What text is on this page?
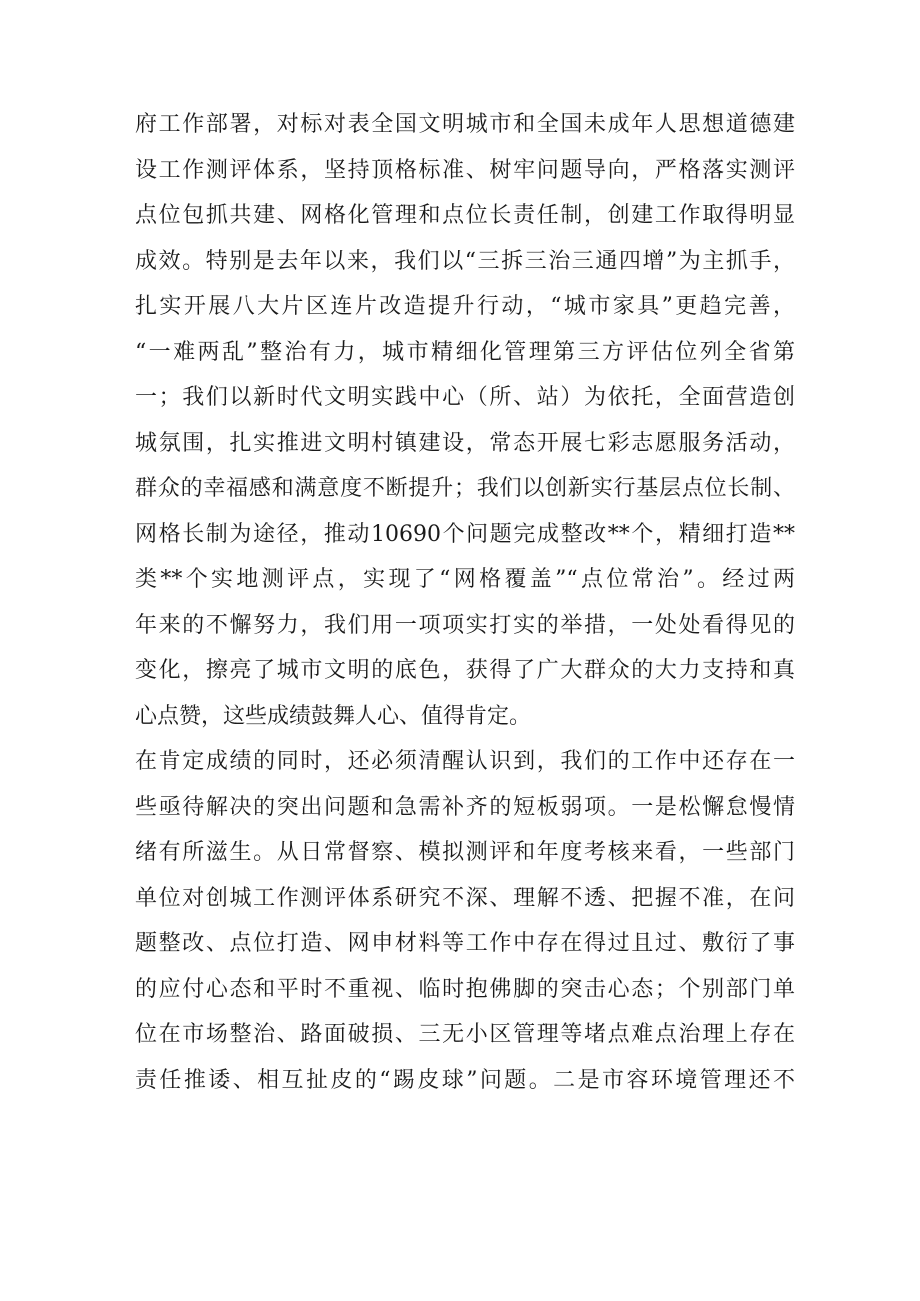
府工作部署，对标对表全国文明城市和全国未成年人思想道德建
设工作测评体系，坚持顶格标准、树牢问题导向，严格落实测评
点位包抓共建、网格化管理和点位长责任制，创建工作取得明显
成效。特别是去年以来，我们以“三拆三治三通四增”为主抓手，
扎实开展八大片区连片改造提升行动，“城市家具”更趋完善，
“一难两乱”整治有力，城市精细化管理第三方评估位列全省第
一；我们以新时代文明实践中心（所、站）为依托，全面营造创
城氛围，扎实推进文明村镇建设，常态开展七彩志愿服务活动，
群众的幸福感和满意度不断提升；我们以创新实行基层点位长制、
网格长制为途径，推动10690个问题完成整改**个，精细打造**
类**个实地测评点，实现了“网格覆盖”“点位常治”。经过两
年来的不懈努力，我们用一项项实打实的举措，一处处看得见的
变化，擦亮了城市文明的底色，获得了广大群众的大力支持和真
心点赞，这些成绩鼓舞人心、值得肯定。
在肯定成绩的同时，还必须清醒认识到，我们的工作中还存在一
些亟待解决的突出问题和急需补齐的短板弱项。一是松懈怠慢情
绪有所滋生。从日常督察、模拟测评和年度考核来看，一些部门
单位对创城工作测评体系研究不深、理解不透、把握不准，在问
题整改、点位打造、网申材料等工作中存在得过且过、敷衍了事
的应付心态和平时不重视、临时抱佛脚的突击心态；个别部门单
位在市场整治、路面破损、三无小区管理等堵点难点治理上存在
责任推诿、相互扯皮的“踢皮球”问题。二是市容环境管理还不
